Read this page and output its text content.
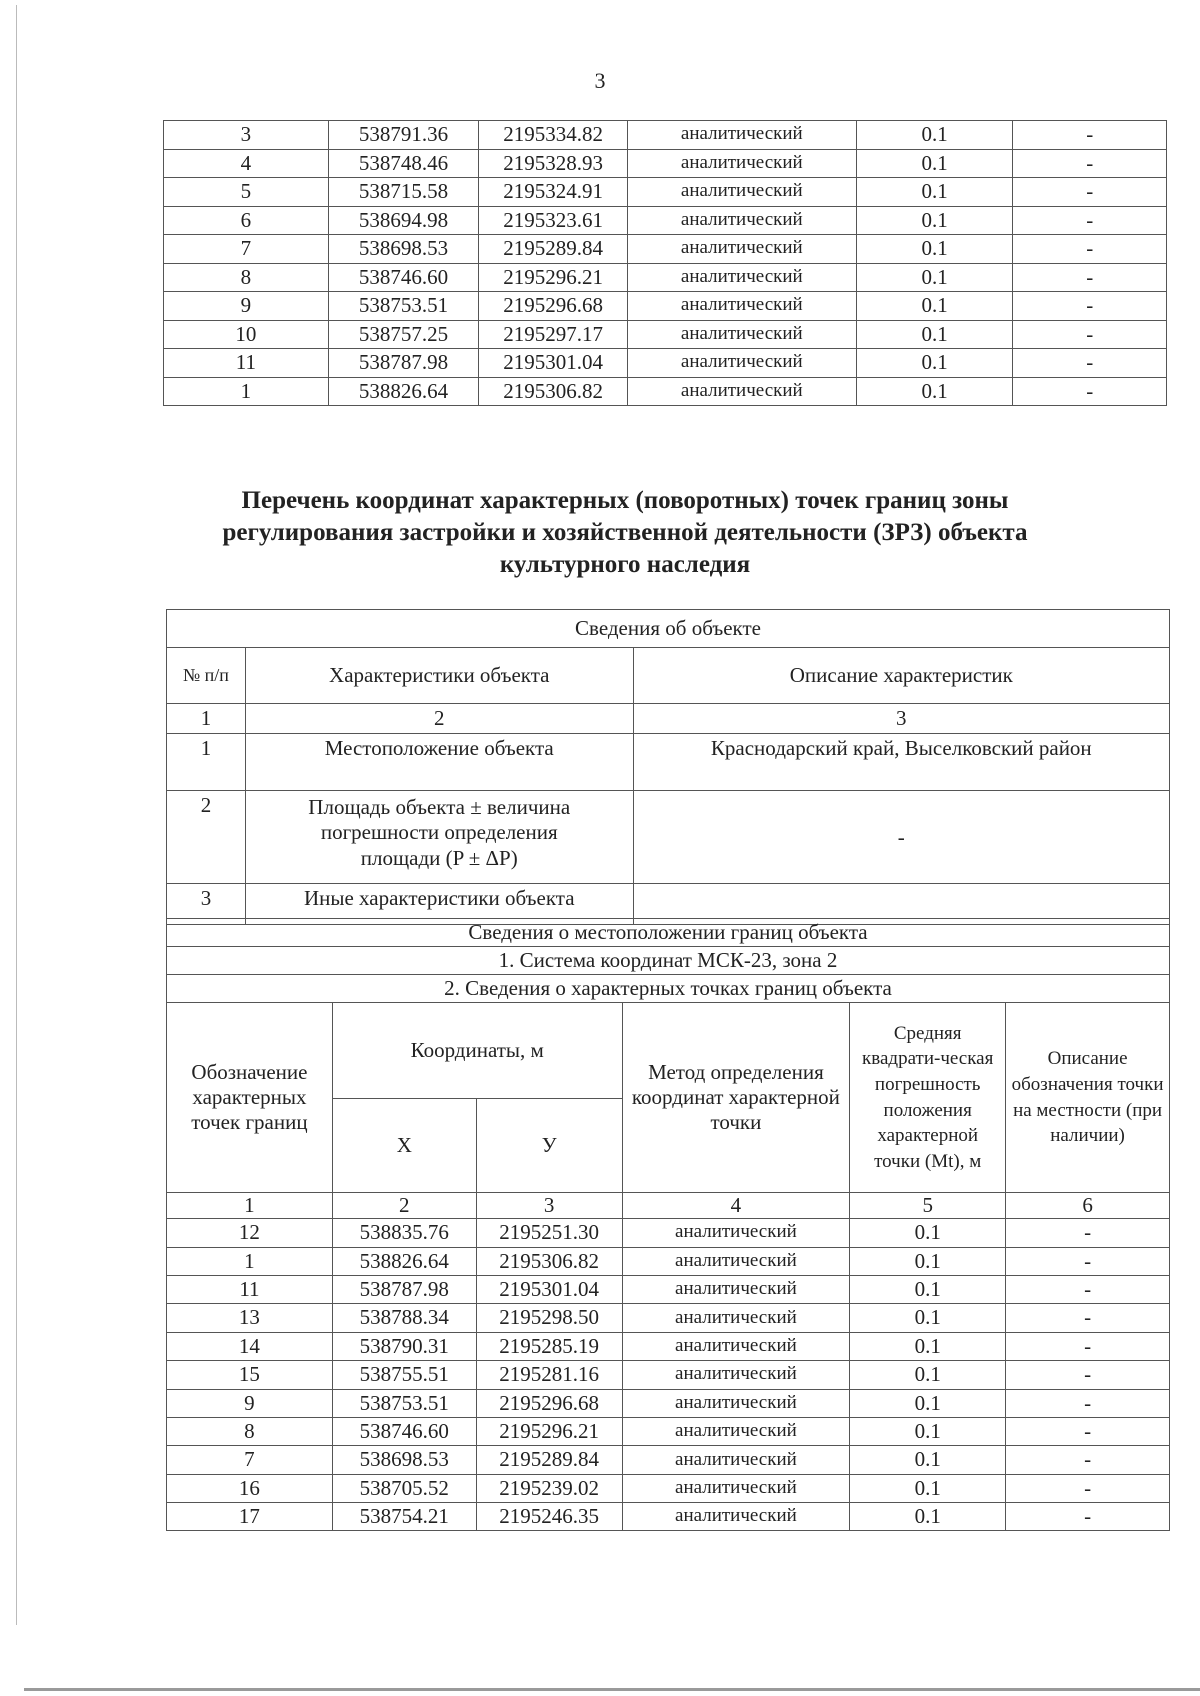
3
3	538791.36	2195334.82	аналитический	0.1	-
4	538748.46	2195328.93	аналитический	0.1	-
5	538715.58	2195324.91	аналитический	0.1	-
6	538694.98	2195323.61	аналитический	0.1	-
7	538698.53	2195289.84	аналитический	0.1	-
8	538746.60	2195296.21	аналитический	0.1	-
9	538753.51	2195296.68	аналитический	0.1	-
10	538757.25	2195297.17	аналитический	0.1	-
11	538787.98	2195301.04	аналитический	0.1	-
1	538826.64	2195306.82	аналитический	0.1	-
Перечень координат характерных (поворотных) точек границ зоны
регулирования застройки и хозяйственной деятельности (ЗРЗ) объекта
культурного наследия
Сведения об объекте		
№ п/п	Характеристики объекта	Описание характеристик
1	2	3
1	Местоположение объекта	Краснодарский край, Выселковский район
2	Площадь объекта ± величина погрешности определения площади (P ± ΔP)	-
3	Иные характеристики объекта	
Сведения о местоположении границ объекта					
1. Система координат МСК-23, зона 2					
2. Сведения о характерных точках границ объекта					
Обозначение характерных точек границ	Координаты, м		Метод определения координат характерной точки	Средняя квадрати-ческая погрешность положения характерной точки (Мt), м	Описание обозначения точки на местности (при наличии)
	X	У			
1	2	3	4	5	6
12	538835.76	2195251.30	аналитический	0.1	-
1	538826.64	2195306.82	аналитический	0.1	-
11	538787.98	2195301.04	аналитический	0.1	-
13	538788.34	2195298.50	аналитический	0.1	-
14	538790.31	2195285.19	аналитический	0.1	-
15	538755.51	2195281.16	аналитический	0.1	-
9	538753.51	2195296.68	аналитический	0.1	-
8	538746.60	2195296.21	аналитический	0.1	-
7	538698.53	2195289.84	аналитический	0.1	-
16	538705.52	2195239.02	аналитический	0.1	-
17	538754.21	2195246.35	аналитический	0.1	-
